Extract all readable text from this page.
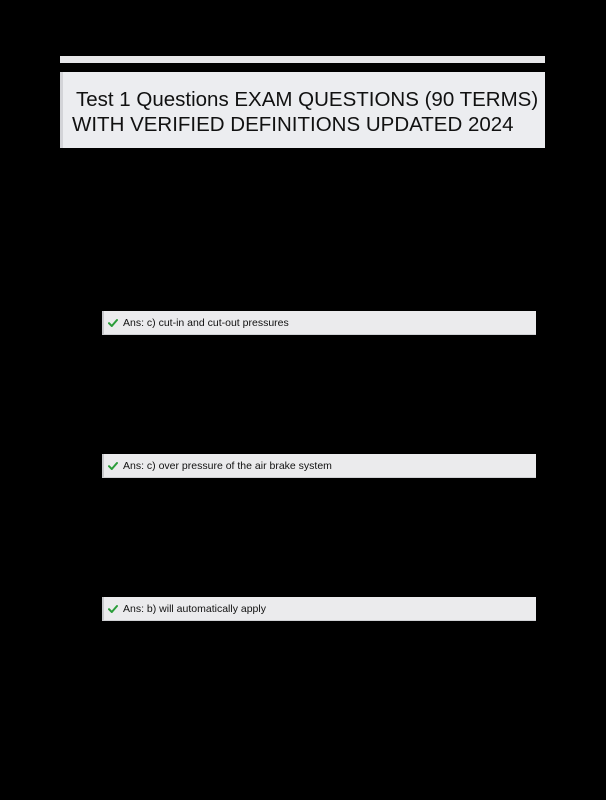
Test 1 Questions EXAM QUESTIONS (90 TERMS)
WITH VERIFIED DEFINITIONS UPDATED 2024
Ans: c) cut-in and cut-out pressures
Ans: c) over pressure of the air brake system
Ans: b) will automatically apply
